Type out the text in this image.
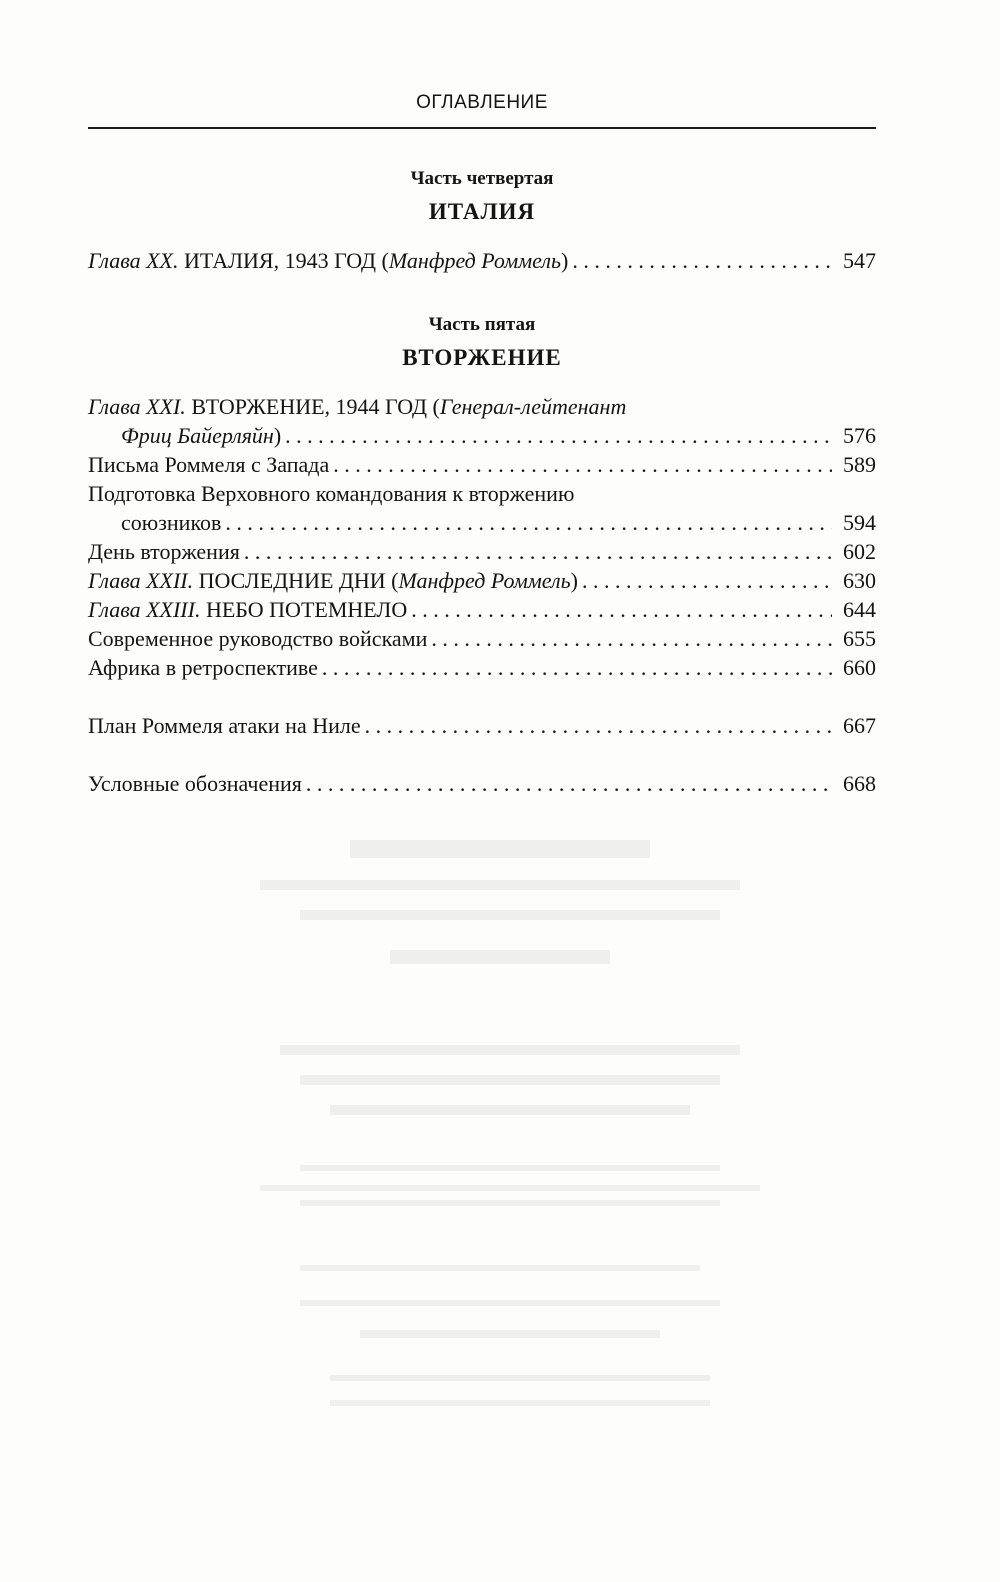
ОГЛАВЛЕНИЕ
Часть четвертая
ИТАЛИЯ
Глава XX.
ИТАЛИЯ, 1943 ГОД ( Манфред Роммель ) . . .	547
Часть пятая
ВТОРЖЕНИЕ
Глава XXI.
ВТОРЖЕНИЕ, 1944 ГОД ( Генерал-лейтенант
Фриц Байерляйн ) . . .	576
Письма Роммеля с Запада . . .	589
Подготовка Верховного командования к вторжению
союзников . . .	594
День вторжения . . .	602
Глава XXII.
ПОСЛЕДНИЕ ДНИ ( Манфред Роммель ) . . .	630
Глава XXIII.
НЕБО ПОТЕМНЕЛО . . .	644
Современное руководство войсками . . .	655
Африка в ретроспективе . . .	660
План Роммеля атаки на Ниле . . .	667
Условные обозначения . . .	668
